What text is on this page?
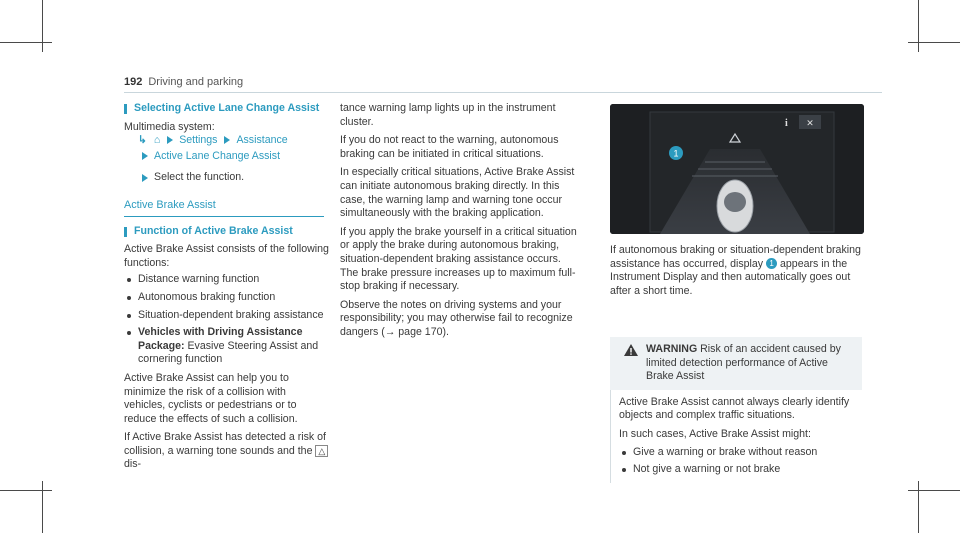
192 Driving and parking

Selecting Active Lane Change Assist

Multimedia system:

↳ ⌂ Settings Assistance

Active Lane Change Assist

Select the function.

Active Brake Assist

Function of Active Brake Assist

Active Brake Assist consists of the following functions:

Distance warning function
Autonomous braking function
Situation-dependent braking assistance
Vehicles with Driving Assistance Package: Evasive Steering Assist and cornering function

Active Brake Assist can help you to minimize the risk of a collision with vehicles, cyclists or pedestrians or to reduce the effects of such a collision.

If Active Brake Assist has detected a risk of collision, a warning tone sounds and the △ dis-

tance warning lamp lights up in the instrument cluster.

If you do not react to the warning, autonomous braking can be initiated in critical situations.

In especially critical situations, Active Brake Assist can initiate autonomous braking directly. In this case, the warning lamp and warning tone occur simultaneously with the braking application.

If you apply the brake yourself in a critical situation or apply the brake during autonomous braking, situation-dependent braking assistance occurs. The brake pressure increases up to maximum full-stop braking if necessary.

Observe the notes on driving systems and your responsibility; you may otherwise fail to recognize dangers (→ page 170).

1
i ✕

If autonomous braking or situation-dependent braking assistance has occurred, display 1 appears in the Instrument Display and then automatically goes out after a short time.

WARNING Risk of an accident caused by limited detection performance of Active Brake Assist

Active Brake Assist cannot always clearly identify objects and complex traffic situations.

In such cases, Active Brake Assist might:

Give a warning or brake without reason
Not give a warning or not brake
